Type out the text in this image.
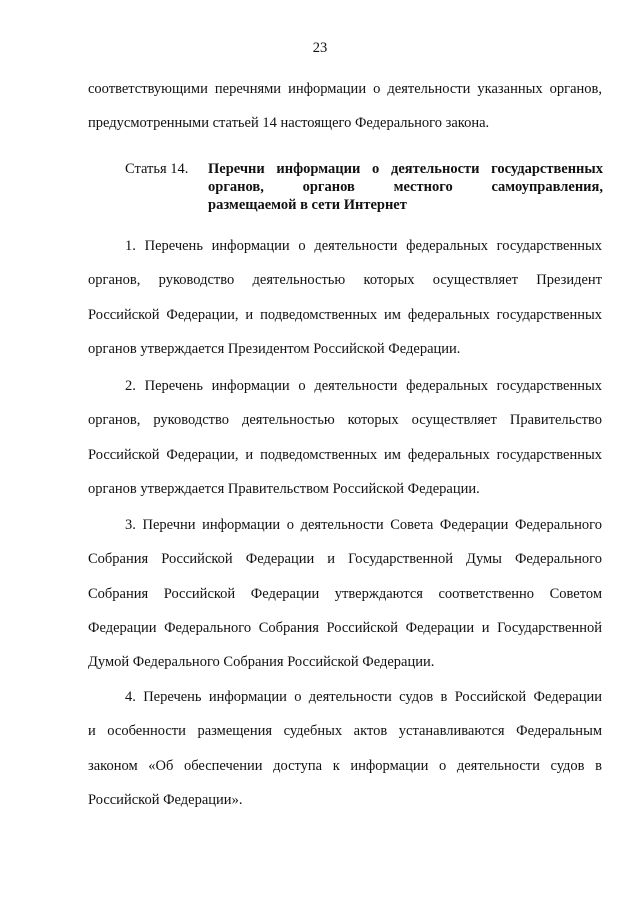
23
соответствующими перечнями информации о деятельности указанных органов,
предусмотренными статьей 14 настоящего Федерального закона.
Статья 14.	Перечни информации о деятельности государственных
органов, органов местного самоуправления,
размещаемой в сети Интернет
1. Перечень информации о деятельности федеральных государственных
органов, руководство деятельностью которых осуществляет Президент
Российской Федерации, и подведомственных им федеральных государственных
органов утверждается Президентом Российской Федерации.
2. Перечень информации о деятельности федеральных государственных
органов, руководство деятельностью которых осуществляет Правительство
Российской Федерации, и подведомственных им федеральных государственных
органов утверждается Правительством Российской Федерации.
3. Перечни информации о деятельности Совета Федерации Федерального
Собрания Российской Федерации и Государственной Думы Федерального
Собрания Российской Федерации утверждаются соответственно Советом
Федерации Федерального Собрания Российской Федерации и Государственной
Думой Федерального Собрания Российской Федерации.
4. Перечень информации о деятельности судов в Российской Федерации
и особенности размещения судебных актов устанавливаются Федеральным
законом «Об обеспечении доступа к информации о деятельности судов в
Российской Федерации».
